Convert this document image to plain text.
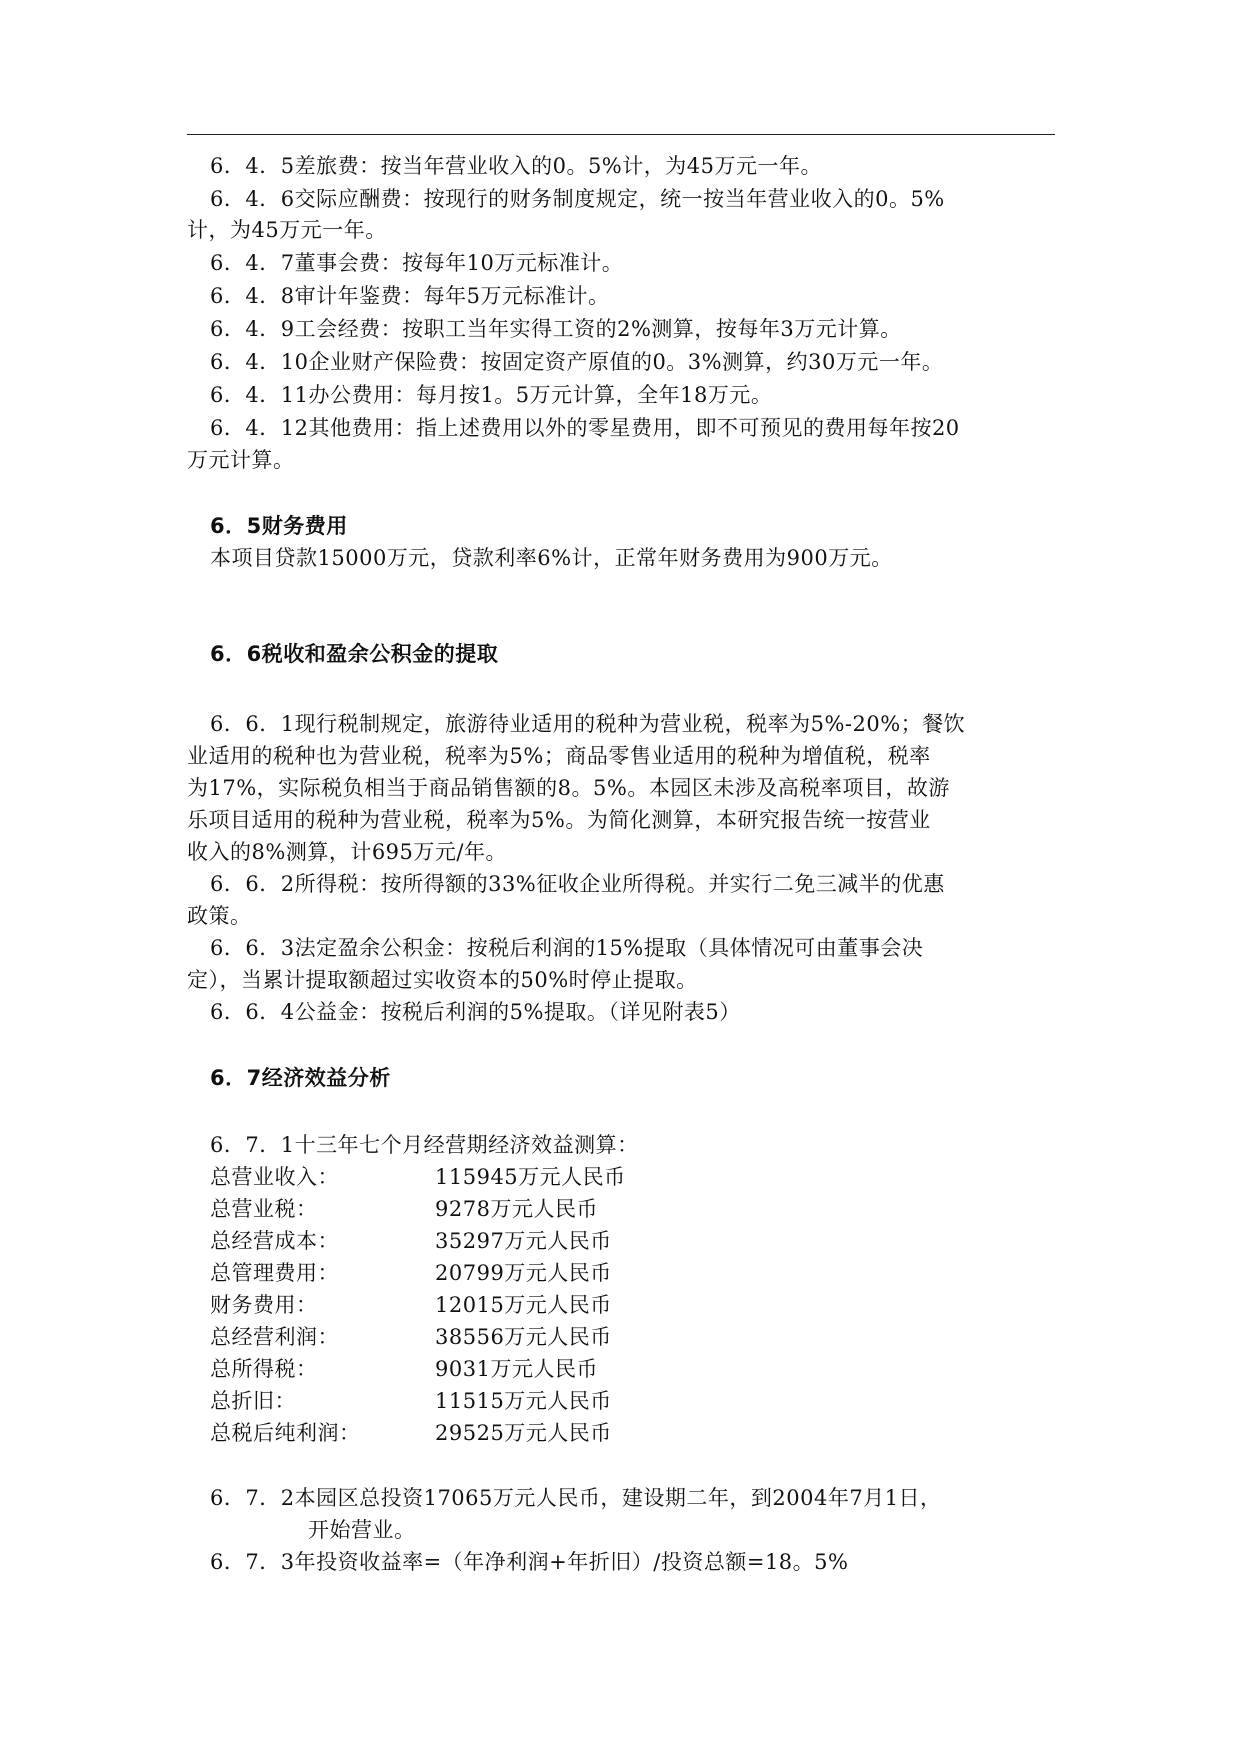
6．4．5差旅费：按当年营业收入的0。5%计，为45万元一年。
6．4．6交际应酬费：按现行的财务制度规定，统一按当年营业收入的0。5%
计，为45万元一年。
6．4．7董事会费：按每年10万元标准计。
6．4．8审计年鉴费：每年5万元标准计。
6．4．9工会经费：按职工当年实得工资的2%测算，按每年3万元计算。
6．4．10企业财产保险费：按固定资产原值的0。3%测算，约30万元一年。
6．4．11办公费用：每月按1。5万元计算，全年18万元。
6．4．12其他费用：指上述费用以外的零星费用，即不可预见的费用每年按20
万元计算。
6．5财务费用
本项目贷款15000万元，贷款利率6%计，正常年财务费用为900万元。
6．6税收和盈余公积金的提取
6．6．1现行税制规定，旅游待业适用的税种为营业税，税率为5%-20%；餐饮
业适用的税种也为营业税，税率为5%；商品零售业适用的税种为增值税，税率
为17%，实际税负相当于商品销售额的8。5%。本园区未涉及高税率项目，故游
乐项目适用的税种为营业税，税率为5%。为简化测算，本研究报告统一按营业
收入的8%测算，计695万元/年。
6．6．2所得税：按所得额的33%征收企业所得税。并实行二免三减半的优惠
政策。
6．6．3法定盈余公积金：按税后利润的15%提取（具体情况可由董事会决
定），当累计提取额超过实收资本的50%时停止提取。
6．6．4公益金：按税后利润的5%提取。（详见附表5）
6．7经济效益分析
6．7．1十三年七个月经营期经济效益测算：
总营业收入：	115945万元人民币
总营业税：	9278万元人民币
总经营成本：	35297万元人民币
总管理费用：	20799万元人民币
财务费用：	12015万元人民币
总经营利润：	38556万元人民币
总所得税：	9031万元人民币
总折旧：	11515万元人民币
总税后纯利润：	29525万元人民币
6．7．2本园区总投资17065万元人民币，建设期二年，到2004年7月1日，
开始营业。
6．7．3年投资收益率=（年净利润+年折旧）/投资总额=18。5%
